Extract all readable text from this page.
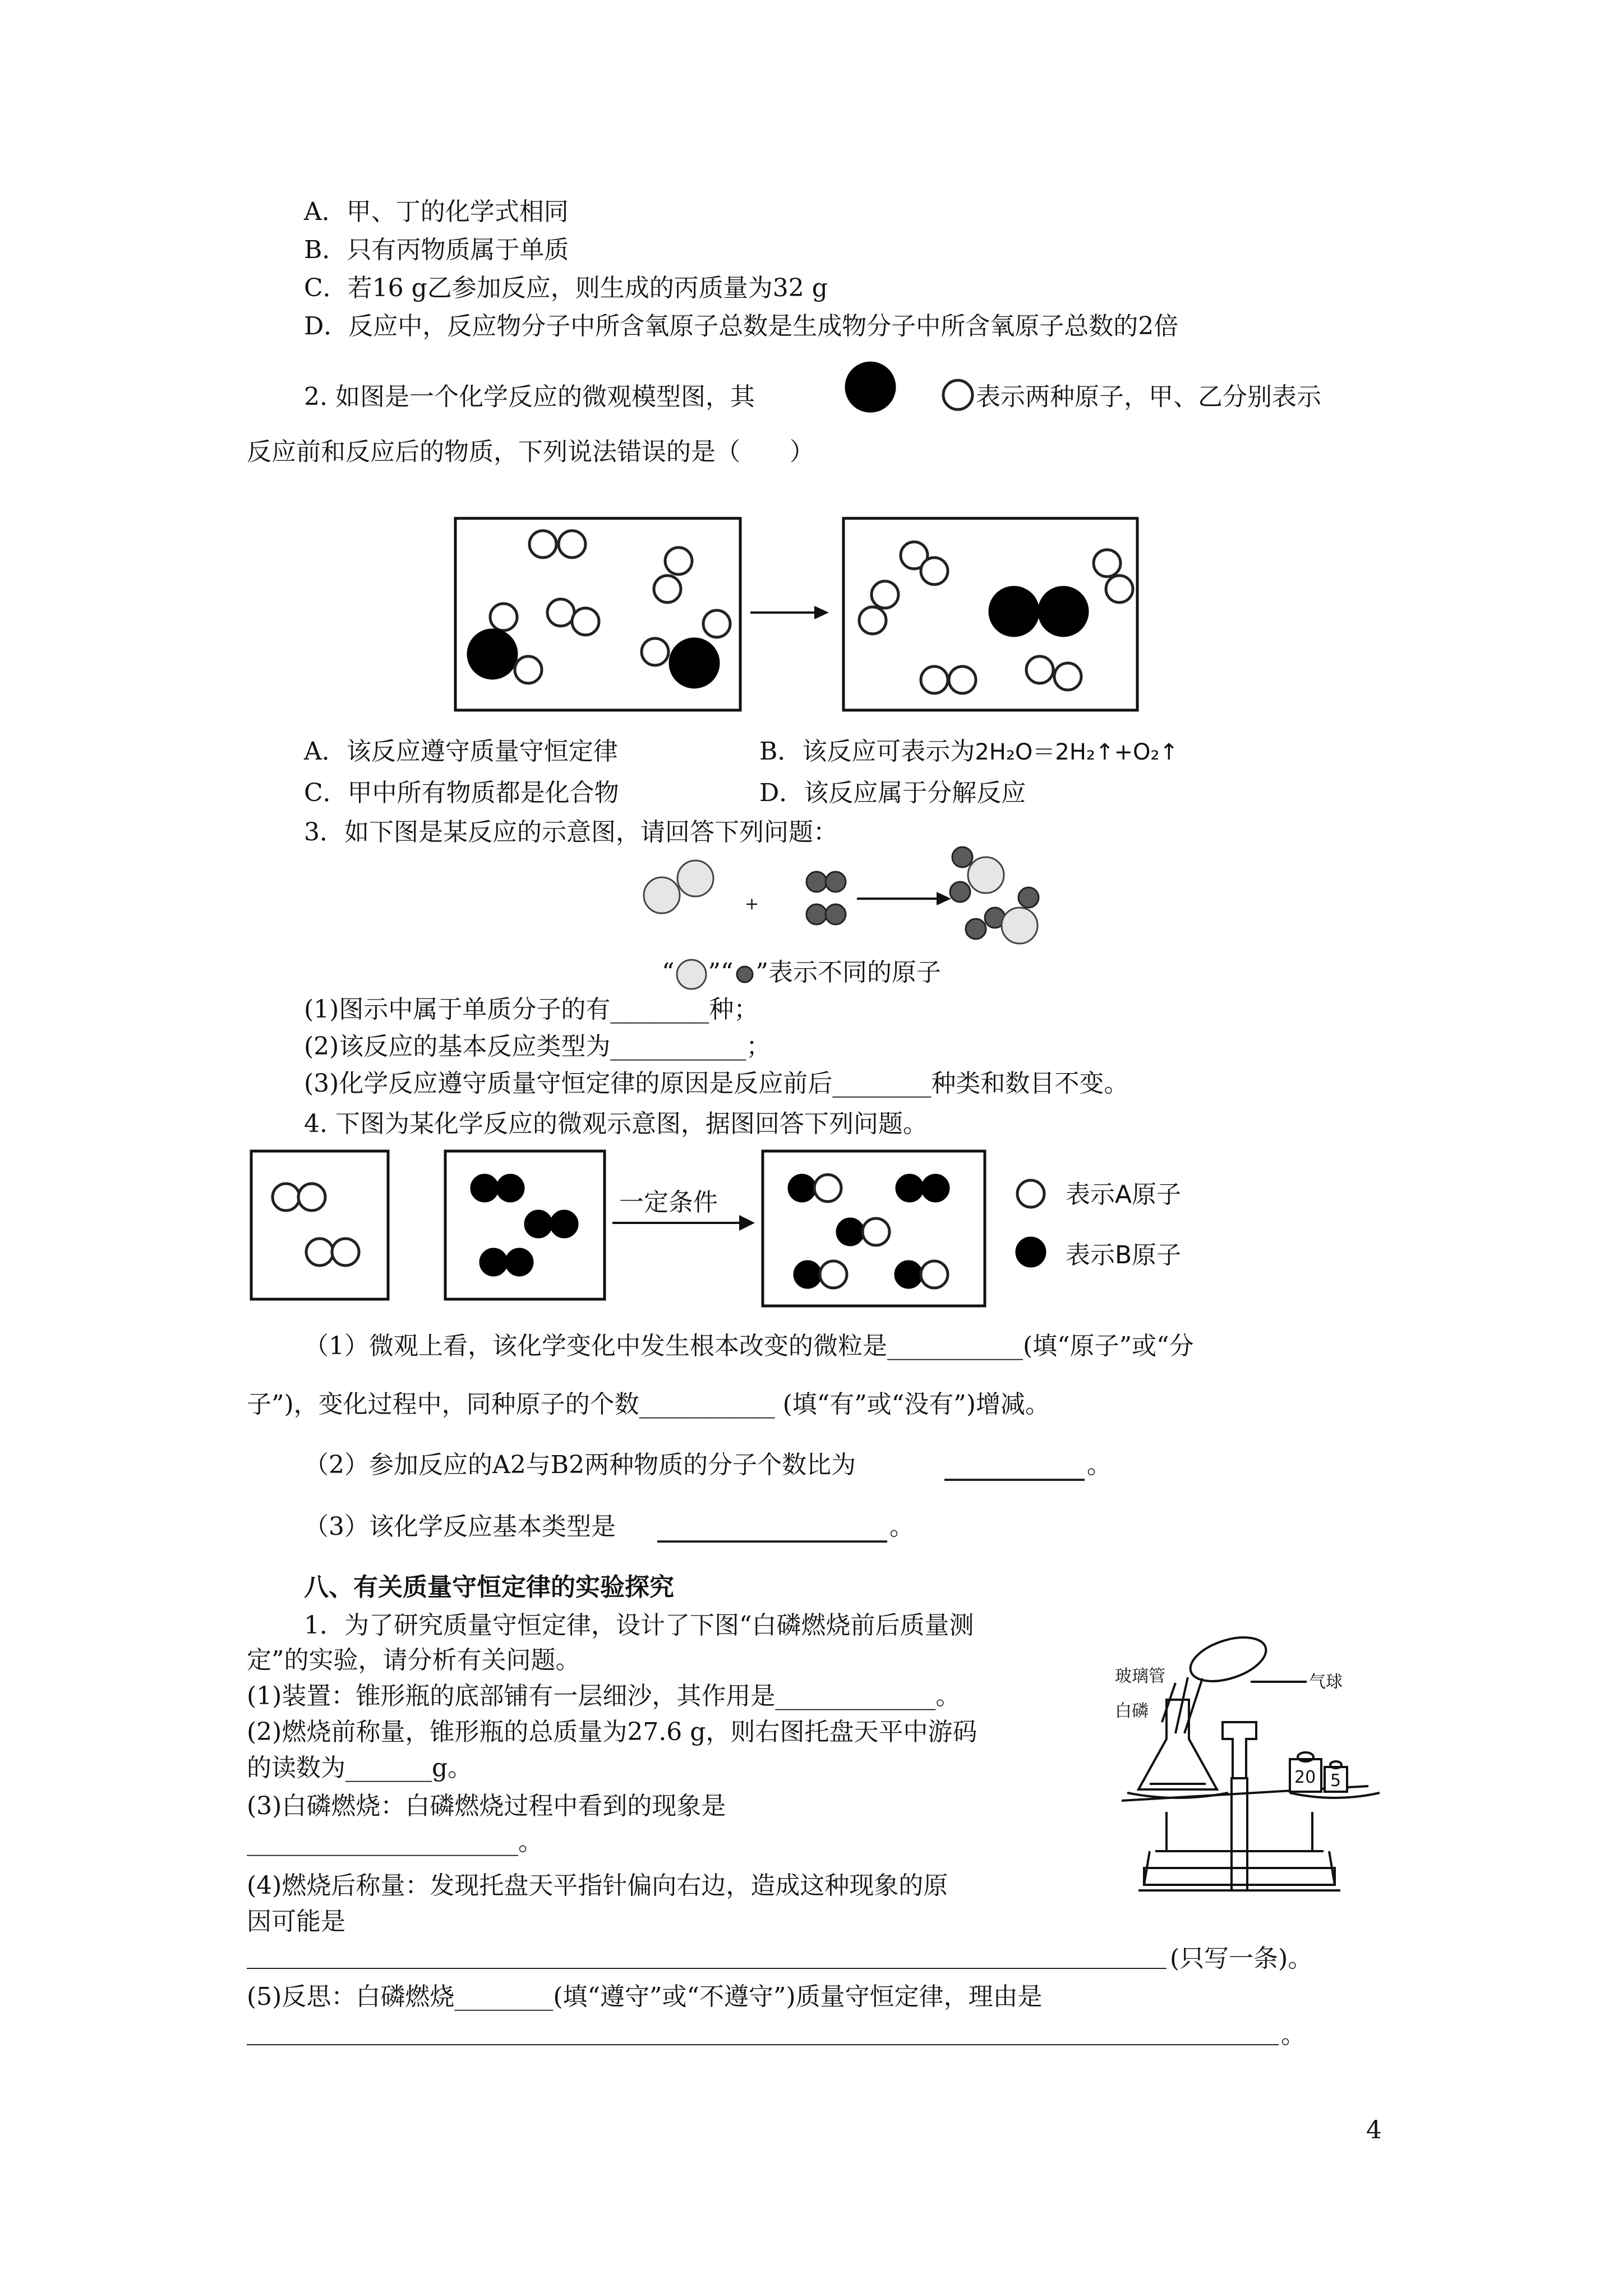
A．甲、丁的化学式相同
B．只有丙物质属于单质
C．若16 g乙参加反应，则生成的丙质量为32 g
D．反应中，反应物分子中所含氧原子总数是生成物分子中所含氧原子总数的2倍
2. 如图是一个化学反应的微观模型图，其	表示两种原子，甲、乙分别表示
反应前和反应后的物质，下列说法错误的是（　　）
A．该反应遵守质量守恒定律	B．该反应可表示为2H₂O＝2H₂↑+O₂↑
C．甲中所有物质都是化合物	D．该反应属于分解反应
3．如下图是某反应的示意图，请回答下列问题：
+
“ ”“ ”表示不同的原子
(1)图示中属于单质分子的有________种；
(2)该反应的基本反应类型为___________；
(3)化学反应遵守质量守恒定律的原因是反应前后________种类和数目不变。
4. 下图为某化学反应的微观示意图，据图回答下列问题。
一定条件	表示A原子
表示B原子
（1）微观上看，该化学变化中发生根本改变的微粒是___________(填“原子”或“分
子”)，变化过程中，同种原子的个数___________ (填“有”或“没有”)增减。
（2）参加反应的A2与B2两种物质的分子个数比为	。
（3）该化学反应基本类型是	。
八、有关质量守恒定律的实验探究
1．为了研究质量守恒定律，设计了下图“白磷燃烧前后质量测
定”的实验，请分析有关问题。
(1)装置：锥形瓶的底部铺有一层细沙，其作用是_____________。
(2)燃烧前称量，锥形瓶的总质量为27.6 g，则右图托盘天平中游码
的读数为_______g。
(3)白磷燃烧：白磷燃烧过程中看到的现象是
______________________。
(4)燃烧后称量：发现托盘天平指针偏向右边，造成这种现象的原
因可能是
(只写一条)。
(5)反思：白磷燃烧________(填“遵守”或“不遵守”)质量守恒定律，理由是
。
玻璃管	气球
白磷
20 5
4
